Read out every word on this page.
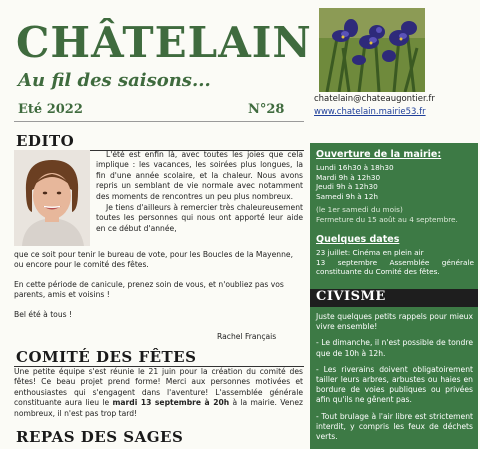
CHÂTELAIN
Au fil des saisons...
Eté 2022	N°28
chatelain@chateaugontier.fr
www.chatelain.mairie53.fr
EDITO

L'été est enfin là, avec toutes les joies que cela implique : les vacances, les soirées plus longues, la fin d'une année scolaire, et la chaleur. Nous avons repris un semblant de vie normale avec notamment des moments de rencontres un peu plus nombreux.

Je tiens d'ailleurs à remercier très chaleureusement toutes les personnes qui nous ont apporté leur aide en ce début d'année,

que ce soit pour tenir le bureau de vote, pour les Boucles de la Mayenne, ou encore pour le comité des fêtes.

En cette période de canicule, prenez soin de vous, et n'oubliez pas vos parents, amis et voisins !

Bel été à tous !

Rachel Français
COMITÉ DES FÊTES
Une petite équipe s'est réunie le 21 juin pour la création du comité des fêtes! Ce beau projet prend forme! Merci aux personnes motivées et enthousiastes qui s'engagent dans l'aventure! L'assemblée générale constituante aura lieu le mardi 13 septembre à 20h à la mairie. Venez nombreux, il n'est pas trop tard!
REPAS DES SAGES
Ouverture de la mairie:
Lundi 16h30 à 18h30
Mardi 9h à 12h30
Jeudi 9h à 12h30
Samedi 9h à 12h
(le 1er samedi du mois)
Fermeture du 15 août au 4 septembre.
Quelques dates
23 juillet: Cinéma en plein air
13 septembre Assemblée générale constituante du Comité des fêtes.
CIVISME

Juste quelques petits rappels pour mieux vivre ensemble!

- Le dimanche, il n'est possible de tondre que de 10h à 12h.

- Les riverains doivent obligatoirement tailler leurs arbres, arbustes ou haies en bordure de voies publiques ou privées afin qu'ils ne gênent pas.

- Tout brulage à l'air libre est strictement interdit, y compris les feux de déchets verts.
